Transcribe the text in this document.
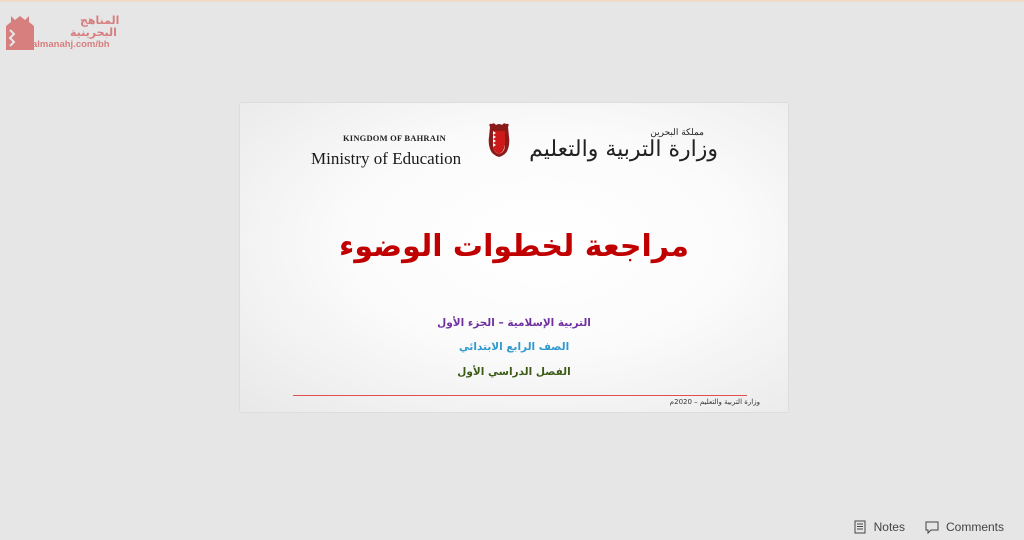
المناهج
البحرينية
almanahj.com/bh
KINGDOM OF BAHRAIN
Ministry of Education
مملكة البحرين
وزارة التربية والتعليم
مراجعة لخطوات الوضوء
التربية الإسلامية – الجزء الأول
الصف الرابع الابتدائي
الفصل الدراسي الأول
وزارة التربية والتعليم – 2020م
Notes	Comments
